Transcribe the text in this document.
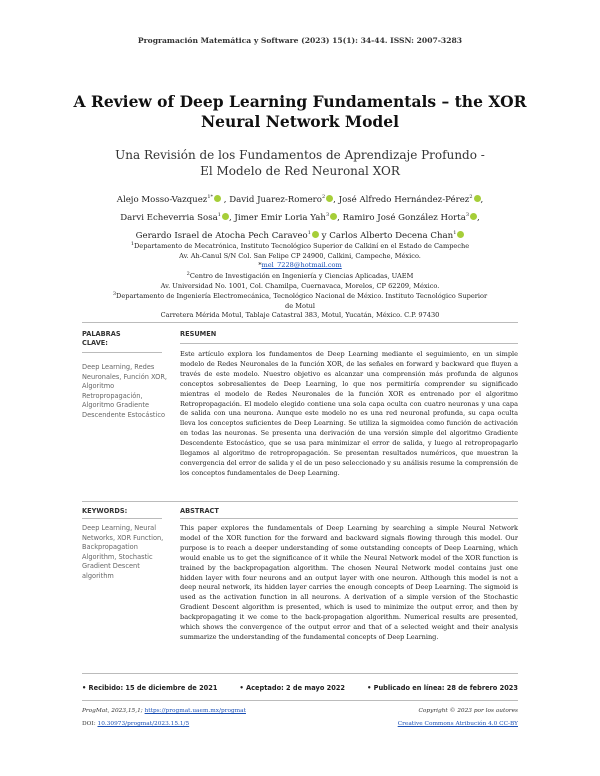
Programación Matemática y Software (2023) 15(1): 34-44. ISSN: 2007-3283
A Review of Deep Learning Fundamentals – the XOR
Neural Network Model
Una Revisión de los Fundamentos de Aprendizaje Profundo -
El Modelo de Red Neuronal XOR
Alejo Mosso-Vazquez$^{1*}$ , David Juarez-Romero$^2$ , José Alfredo Hernández-Pérez$^2$ ,
Darvi Echeverria Sosa$^1$ , Jimer Emir Loria Yah$^3$ , Ramiro José González Horta$^3$ ,
Gerardo Israel de Atocha Pech Caraveo$^1$ y Carlos Alberto Decena Chan$^1$
$^1$Departamento de Mecatrónica, Instituto Tecnológico Superior de Calkiní en el Estado de Campeche
Av. Ah-Canul S/N Col. San Felipe CP 24900, Calkini, Campeche, México.
*mel_7228@hotmail.com
$^2$Centro de Investigación en Ingeniería y Ciencias Aplicadas, UAEM
Av. Universidad No. 1001, Col. Chamilpa, Cuernavaca, Morelos, CP 62209, México.
$^3$Departamento de Ingeniería Electromecánica, Tecnológico Nacional de México. Instituto Tecnológico Superior
de Motul
Carretera Mérida Motul, Tablaje Catastral 383, Motul, Yucatán, México. C.P. 97430
PALABRAS
CLAVE:
RESUMEN
Deep Learning, Redes Neuronales, Función XOR, Algoritmo Retropropagación, Algoritmo Gradiente Descendente Estocástico
Este artículo explora los fundamentos de Deep Learning mediante el seguimiento, en un simple modelo de Redes Neuronales de la función XOR, de las señales en forward y backward que fluyen a través de este modelo. Nuestro objetivo es alcanzar una comprensión más profunda de algunos conceptos sobresalientes de Deep Learning, lo que nos permitiría comprender su significado mientras el modelo de Redes Neuronales de la función XOR es entrenado por el algoritmo Retropropagación. El modelo elegido contiene una sola capa oculta con cuatro neuronas y una capa de salida con una neurona. Aunque este modelo no es una red neuronal profunda, su capa oculta lleva los conceptos suficientes de Deep Learning. Se utiliza la sigmoidea como función de activación en todas las neuronas. Se presenta una derivación de una versión simple del algoritmo Gradiente Descendente Estocástico, que se usa para minimizar el error de salida, y luego al retropropagarlo llegamos al algoritmo de retropropagación. Se presentan resultados numéricos, que muestran la convergencia del error de salida y el de un peso seleccionado y su análisis resume la comprensión de los conceptos fundamentales de Deep Learning.
KEYWORDS:	ABSTRACT
Deep Learning, Neural Networks, XOR Function, Backpropagation Algorithm, Stochastic Gradient Descent algorithm
This paper explores the fundamentals of Deep Learning by searching a simple Neural Network model of the XOR function for the forward and backward signals flowing through this model. Our purpose is to reach a deeper understanding of some outstanding concepts of Deep Learning, which would enable us to get the significance of it while the Neural Network model of the XOR function is trained by the backpropagation algorithm. The chosen Neural Network model contains just one hidden layer with four neurons and an output layer with one neuron. Although this model is not a deep neural network, its hidden layer carries the enough concepts of Deep Learning. The sigmoid is used as the activation function in all neurons. A derivation of a simple version of the Stochastic Gradient Descent algorithm is presented, which is used to minimize the output error, and then by backpropagating it we come to the back-propagation algorithm. Numerical results are presented, which shows the convergence of the output error and that of a selected weight and their analysis summarize the understanding of the fundamental concepts of Deep Learning.
• Recibido: 15 de diciembre de 2021	• Aceptado: 2 de mayo 2022	• Publicado en línea: 28 de febrero 2023
ProgMat, 2023,15,1; https://progmat.uaem.mx/progmat	Copyright © 2023 por los autores
DOI: 10.30973/progmat/2023.15.1/5	Creative Commons Atribución 4.0 CC-BY
